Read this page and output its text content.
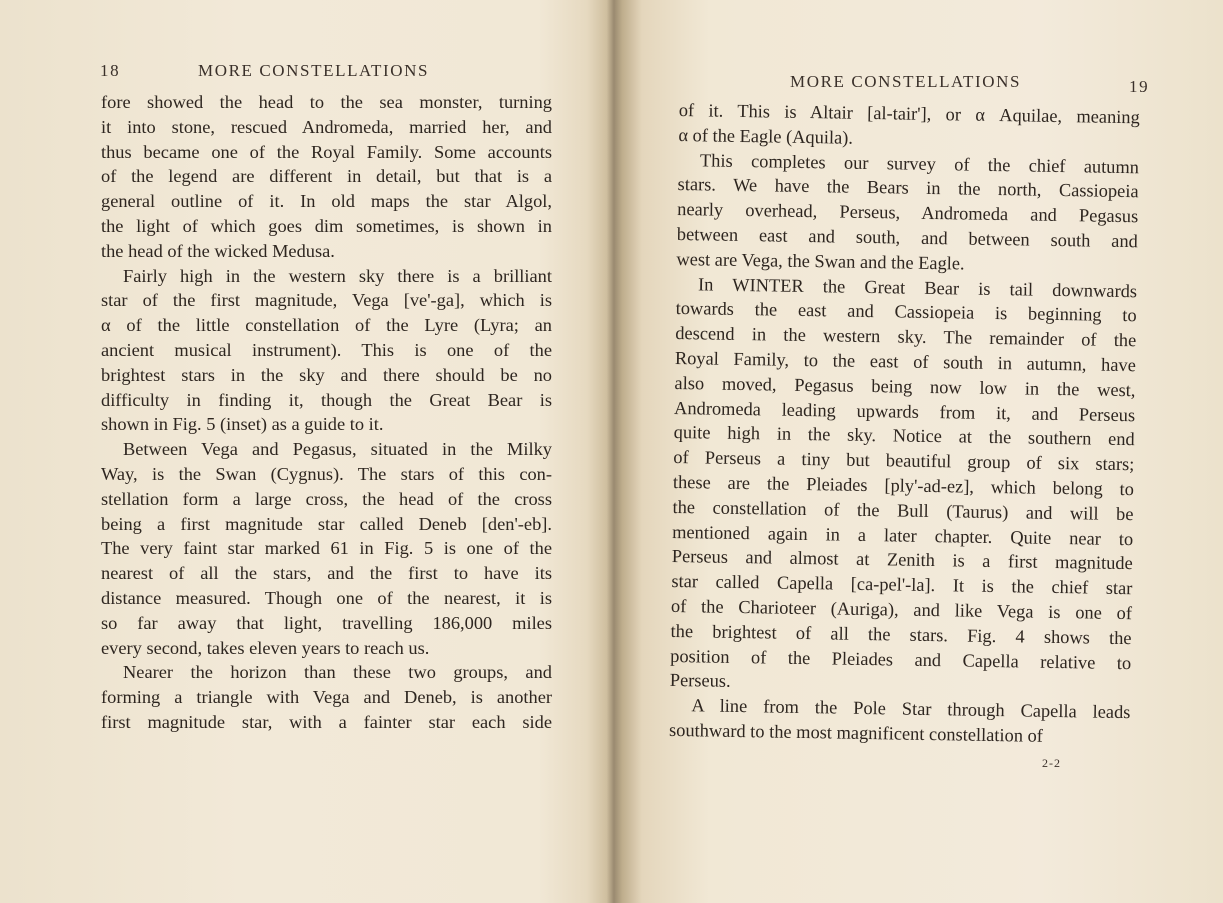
18	MORE CONSTELLATIONS
fore showed the head to the sea monster, turning
it into stone, rescued Andromeda, married her, and
thus became one of the Royal Family. Some accounts
of the legend are different in detail, but that is a
general outline of it. In old maps the star Algol,
the light of which goes dim sometimes, is shown in
the head of the wicked Medusa.
Fairly high in the western sky there is a brilliant
star of the first magnitude, Vega [ve'-ga], which is
α of the little constellation of the Lyre (Lyra; an
ancient musical instrument). This is one of the
brightest stars in the sky and there should be no
difficulty in finding it, though the Great Bear is
shown in Fig. 5 (inset) as a guide to it.
Between Vega and Pegasus, situated in the Milky
Way, is the Swan (Cygnus). The stars of this con-
stellation form a large cross, the head of the cross
being a first magnitude star called Deneb [den'-eb].
The very faint star marked 61 in Fig. 5 is one of the
nearest of all the stars, and the first to have its
distance measured. Though one of the nearest, it is
so far away that light, travelling 186,000 miles
every second, takes eleven years to reach us.
Nearer the horizon than these two groups, and
forming a triangle with Vega and Deneb, is another
first magnitude star, with a fainter star each side
MORE CONSTELLATIONS	19
of it. This is Altair [al-tair'], or α Aquilae, meaning
α of the Eagle (Aquila).
This completes our survey of the chief autumn
stars. We have the Bears in the north, Cassiopeia
nearly overhead, Perseus, Andromeda and Pegasus
between east and south, and between south and
west are Vega, the Swan and the Eagle.
In WINTER the Great Bear is tail downwards
towards the east and Cassiopeia is beginning to
descend in the western sky. The remainder of the
Royal Family, to the east of south in autumn, have
also moved, Pegasus being now low in the west,
Andromeda leading upwards from it, and Perseus
quite high in the sky. Notice at the southern end
of Perseus a tiny but beautiful group of six stars;
these are the Pleiades [ply'-ad-ez], which belong to
the constellation of the Bull (Taurus) and will be
mentioned again in a later chapter. Quite near to
Perseus and almost at Zenith is a first magnitude
star called Capella [ca-pel'-la]. It is the chief star
of the Charioteer (Auriga), and like Vega is one of
the brightest of all the stars. Fig. 4 shows the
position of the Pleiades and Capella relative to
Perseus.
A line from the Pole Star through Capella leads
southward to the most magnificent constellation of
2-2
